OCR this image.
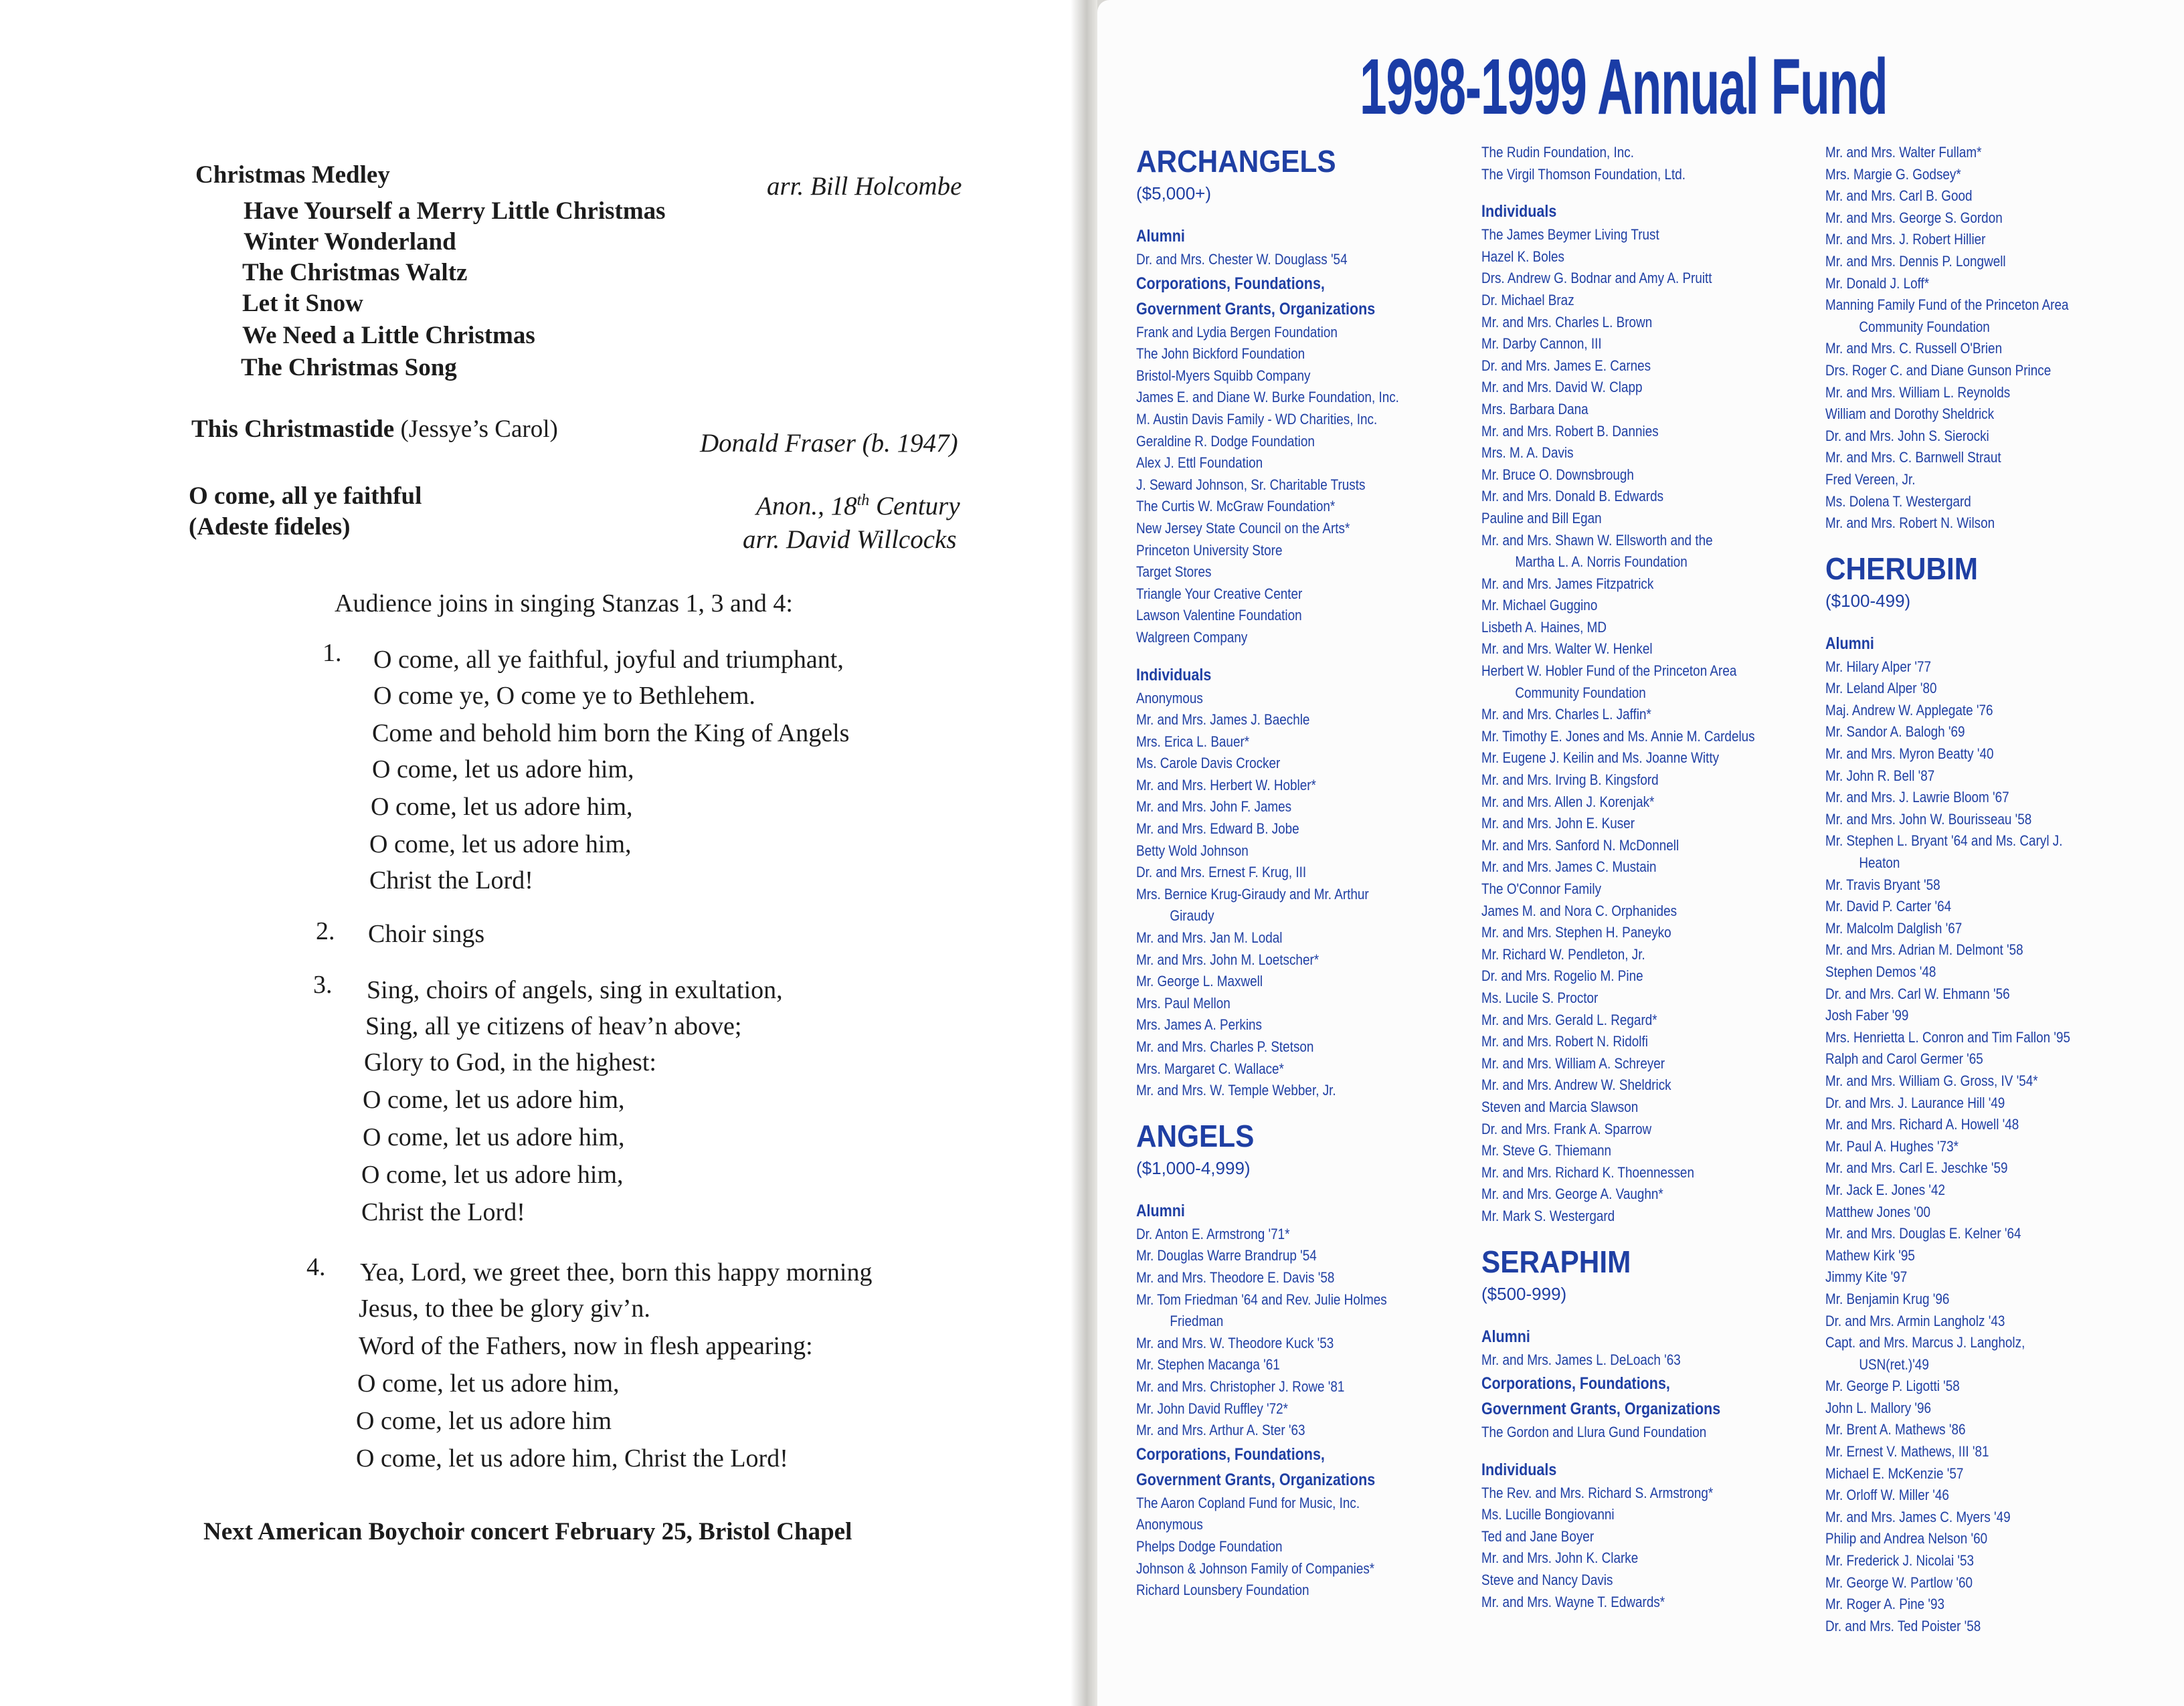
Christmas Medley	arr. Bill Holcombe
Have Yourself a Merry Little Christmas
Winter Wonderland
The Christmas Waltz
Let it Snow
We Need a Little Christmas
The Christmas Song
This Christmastide (Jessye’s Carol)	Donald Fraser (b. 1947)
O come, all ye faithful
(Adeste fideles)
Anon., 18th Century
arr. David Willcocks
Audience joins in singing Stanzas 1, 3 and 4:
1. O come, all ye faithful, joyful and triumphant,
O come ye, O come ye to Bethlehem.
Come and behold him born the King of Angels
O come, let us adore him,
O come, let us adore him,
O come, let us adore him,
Christ the Lord!
2. Choir sings
3. Sing, choirs of angels, sing in exultation,
Sing, all ye citizens of heav’n above;
Glory to God, in the highest:
O come, let us adore him,
O come, let us adore him,
O come, let us adore him,
Christ the Lord!
4. Yea, Lord, we greet thee, born this happy morning
Jesus, to thee be glory giv’n.
Word of the Fathers, now in flesh appearing:
O come, let us adore him,
O come, let us adore him
O come, let us adore him, Christ the Lord!
Next American Boychoir concert February 25, Bristol Chapel
1998-1999 Annual Fund
ARCHANGELS
($5,000+)
Alumni
Dr. and Mrs. Chester W. Douglass '54
Corporations, Foundations,
Government Grants, Organizations
Frank and Lydia Bergen Foundation
The John Bickford Foundation
Bristol-Myers Squibb Company
James E. and Diane W. Burke Foundation, Inc.
M. Austin Davis Family - WD Charities, Inc.
Geraldine R. Dodge Foundation
Alex J. Ettl Foundation
J. Seward Johnson, Sr. Charitable Trusts
The Curtis W. McGraw Foundation*
New Jersey State Council on the Arts*
Princeton University Store
Target Stores
Triangle Your Creative Center
Lawson Valentine Foundation
Walgreen Company
Individuals
Anonymous
Mr. and Mrs. James J. Baechle
Mrs. Erica L. Bauer*
Ms. Carole Davis Crocker
Mr. and Mrs. Herbert W. Hobler*
Mr. and Mrs. John F. James
Mr. and Mrs. Edward B. Jobe
Betty Wold Johnson
Dr. and Mrs. Ernest F. Krug, III
Mrs. Bernice Krug-Giraudy and Mr. Arthur
Giraudy
Mr. and Mrs. Jan M. Lodal
Mr. and Mrs. John M. Loetscher*
Mr. George L. Maxwell
Mrs. Paul Mellon
Mrs. James A. Perkins
Mr. and Mrs. Charles P. Stetson
Mrs. Margaret C. Wallace*
Mr. and Mrs. W. Temple Webber, Jr.
ANGELS
($1,000-4,999)
Alumni
Dr. Anton E. Armstrong '71*
Mr. Douglas Warre Brandrup '54
Mr. and Mrs. Theodore E. Davis '58
Mr. Tom Friedman '64 and Rev. Julie Holmes
Friedman
Mr. and Mrs. W. Theodore Kuck '53
Mr. Stephen Macanga '61
Mr. and Mrs. Christopher J. Rowe '81
Mr. John David Ruffley '72*
Mr. and Mrs. Arthur A. Ster '63
Corporations, Foundations,
Government Grants, Organizations
The Aaron Copland Fund for Music, Inc.
Anonymous
Phelps Dodge Foundation
Johnson & Johnson Family of Companies*
Richard Lounsbery Foundation
The Rudin Foundation, Inc.
The Virgil Thomson Foundation, Ltd.
Individuals
The James Beymer Living Trust
Hazel K. Boles
Drs. Andrew G. Bodnar and Amy A. Pruitt
Dr. Michael Braz
Mr. and Mrs. Charles L. Brown
Mr. Darby Cannon, III
Dr. and Mrs. James E. Carnes
Mr. and Mrs. David W. Clapp
Mrs. Barbara Dana
Mr. and Mrs. Robert B. Dannies
Mrs. M. A. Davis
Mr. Bruce O. Downsbrough
Mr. and Mrs. Donald B. Edwards
Pauline and Bill Egan
Mr. and Mrs. Shawn W. Ellsworth and the
Martha L. A. Norris Foundation
Mr. and Mrs. James Fitzpatrick
Mr. Michael Guggino
Lisbeth A. Haines, MD
Mr. and Mrs. Walter W. Henkel
Herbert W. Hobler Fund of the Princeton Area
Community Foundation
Mr. and Mrs. Charles L. Jaffin*
Mr. Timothy E. Jones and Ms. Annie M. Cardelus
Mr. Eugene J. Keilin and Ms. Joanne Witty
Mr. and Mrs. Irving B. Kingsford
Mr. and Mrs. Allen J. Korenjak*
Mr. and Mrs. John E. Kuser
Mr. and Mrs. Sanford N. McDonnell
Mr. and Mrs. James C. Mustain
The O'Connor Family
James M. and Nora C. Orphanides
Mr. and Mrs. Stephen H. Paneyko
Mr. Richard W. Pendleton, Jr.
Dr. and Mrs. Rogelio M. Pine
Ms. Lucile S. Proctor
Mr. and Mrs. Gerald L. Regard*
Mr. and Mrs. Robert N. Ridolfi
Mr. and Mrs. William A. Schreyer
Mr. and Mrs. Andrew W. Sheldrick
Steven and Marcia Slawson
Dr. and Mrs. Frank A. Sparrow
Mr. Steve G. Thiemann
Mr. and Mrs. Richard K. Thoennessen
Mr. and Mrs. George A. Vaughn*
Mr. Mark S. Westergard
SERAPHIM
($500-999)
Alumni
Mr. and Mrs. James L. DeLoach '63
Corporations, Foundations,
Government Grants, Organizations
The Gordon and Llura Gund Foundation
Individuals
The Rev. and Mrs. Richard S. Armstrong*
Ms. Lucille Bongiovanni
Ted and Jane Boyer
Mr. and Mrs. John K. Clarke
Steve and Nancy Davis
Mr. and Mrs. Wayne T. Edwards*
Mr. and Mrs. Walter Fullam*
Mrs. Margie G. Godsey*
Mr. and Mrs. Carl B. Good
Mr. and Mrs. George S. Gordon
Mr. and Mrs. J. Robert Hillier
Mr. and Mrs. Dennis P. Longwell
Mr. Donald J. Loff*
Manning Family Fund of the Princeton Area
Community Foundation
Mr. and Mrs. C. Russell O'Brien
Drs. Roger C. and Diane Gunson Prince
Mr. and Mrs. William L. Reynolds
William and Dorothy Sheldrick
Dr. and Mrs. John S. Sierocki
Mr. and Mrs. C. Barnwell Straut
Fred Vereen, Jr.
Ms. Dolena T. Westergard
Mr. and Mrs. Robert N. Wilson
CHERUBIM
($100-499)
Alumni
Mr. Hilary Alper '77
Mr. Leland Alper '80
Maj. Andrew W. Applegate '76
Mr. Sandor A. Balogh '69
Mr. and Mrs. Myron Beatty '40
Mr. John R. Bell '87
Mr. and Mrs. J. Lawrie Bloom '67
Mr. and Mrs. John W. Bourisseau '58
Mr. Stephen L. Bryant '64 and Ms. Caryl J.
Heaton
Mr. Travis Bryant '58
Mr. David P. Carter '64
Mr. Malcolm Dalglish '67
Mr. and Mrs. Adrian M. Delmont '58
Stephen Demos '48
Dr. and Mrs. Carl W. Ehmann '56
Josh Faber '99
Mrs. Henrietta L. Conron and Tim Fallon '95
Ralph and Carol Germer '65
Mr. and Mrs. William G. Gross, IV '54*
Dr. and Mrs. J. Laurance Hill '49
Mr. and Mrs. Richard A. Howell '48
Mr. Paul A. Hughes '73*
Mr. and Mrs. Carl E. Jeschke '59
Mr. Jack E. Jones '42
Matthew Jones '00
Mr. and Mrs. Douglas E. Kelner '64
Mathew Kirk '95
Jimmy Kite '97
Mr. Benjamin Krug '96
Dr. and Mrs. Armin Langholz '43
Capt. and Mrs. Marcus J. Langholz,
USN(ret.)'49
Mr. George P. Ligotti '58
John L. Mallory '96
Mr. Brent A. Mathews '86
Mr. Ernest V. Mathews, III '81
Michael E. McKenzie '57
Mr. Orloff W. Miller '46
Mr. and Mrs. James C. Myers '49
Philip and Andrea Nelson '60
Mr. Frederick J. Nicolai '53
Mr. George W. Partlow '60
Mr. Roger A. Pine '93
Dr. and Mrs. Ted Poister '58
